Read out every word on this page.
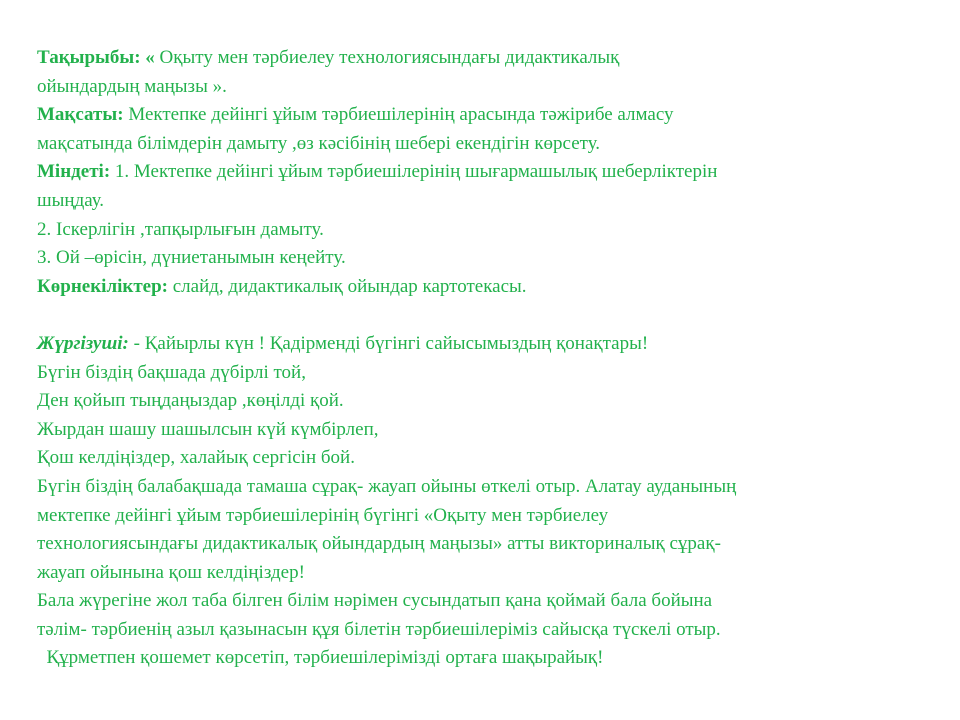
Тақырыбы: « Оқыту мен тәрбиелеу технологиясындағы дидактикалық
ойындардың маңызы ».
Мақсаты: Мектепке дейінгі ұйым тәрбиешілерінің арасында тәжірибе алмасу
мақсатында білімдерін дамыту ,өз кәсібінің шебері екендігін көрсету.
Міндеті: 1. Мектепке дейінгі ұйым тәрбиешілерінің шығармашылық шеберліктерін
шыңдау.
2. Іскерлігін ,тапқырлығын дамыту.
3. Ой –өрісін, дүниетанымын кеңейту.
Көрнекіліктер: слайд, дидактикалық ойындар картотекасы.
Жүргізуші: - Қайырлы күн ! Қадірменді бүгінгі сайысымыздың қонақтары!
Бүгін біздің бақшада дүбірлі той,
Ден қойып тыңдаңыздар ,көңілді қой.
Жырдан шашу шашылсын күй күмбірлеп,
Қош келдіңіздер, халайық сергісін бой.
Бүгін біздің балабақшада тамаша сұрақ- жауап ойыны өткелі отыр. Алатау ауданының
мектепке дейінгі ұйым тәрбиешілерінің бүгінгі «Оқыту мен тәрбиелеу
технологиясындағы дидактикалық ойындардың маңызы» атты викториналық сұрақ-
жауап ойынына қош келдіңіздер!
Бала жүрегіне жол таба білген білім нәрімен сусындатып қана қоймай бала бойына
тәлім- тәрбиенің азыл қазынасын құя білетін тәрбиешілеріміз сайысқа түскелі отыр.
Құрметпен қошемет көрсетіп, тәрбиешілерімізді ортаға шақырайық!
